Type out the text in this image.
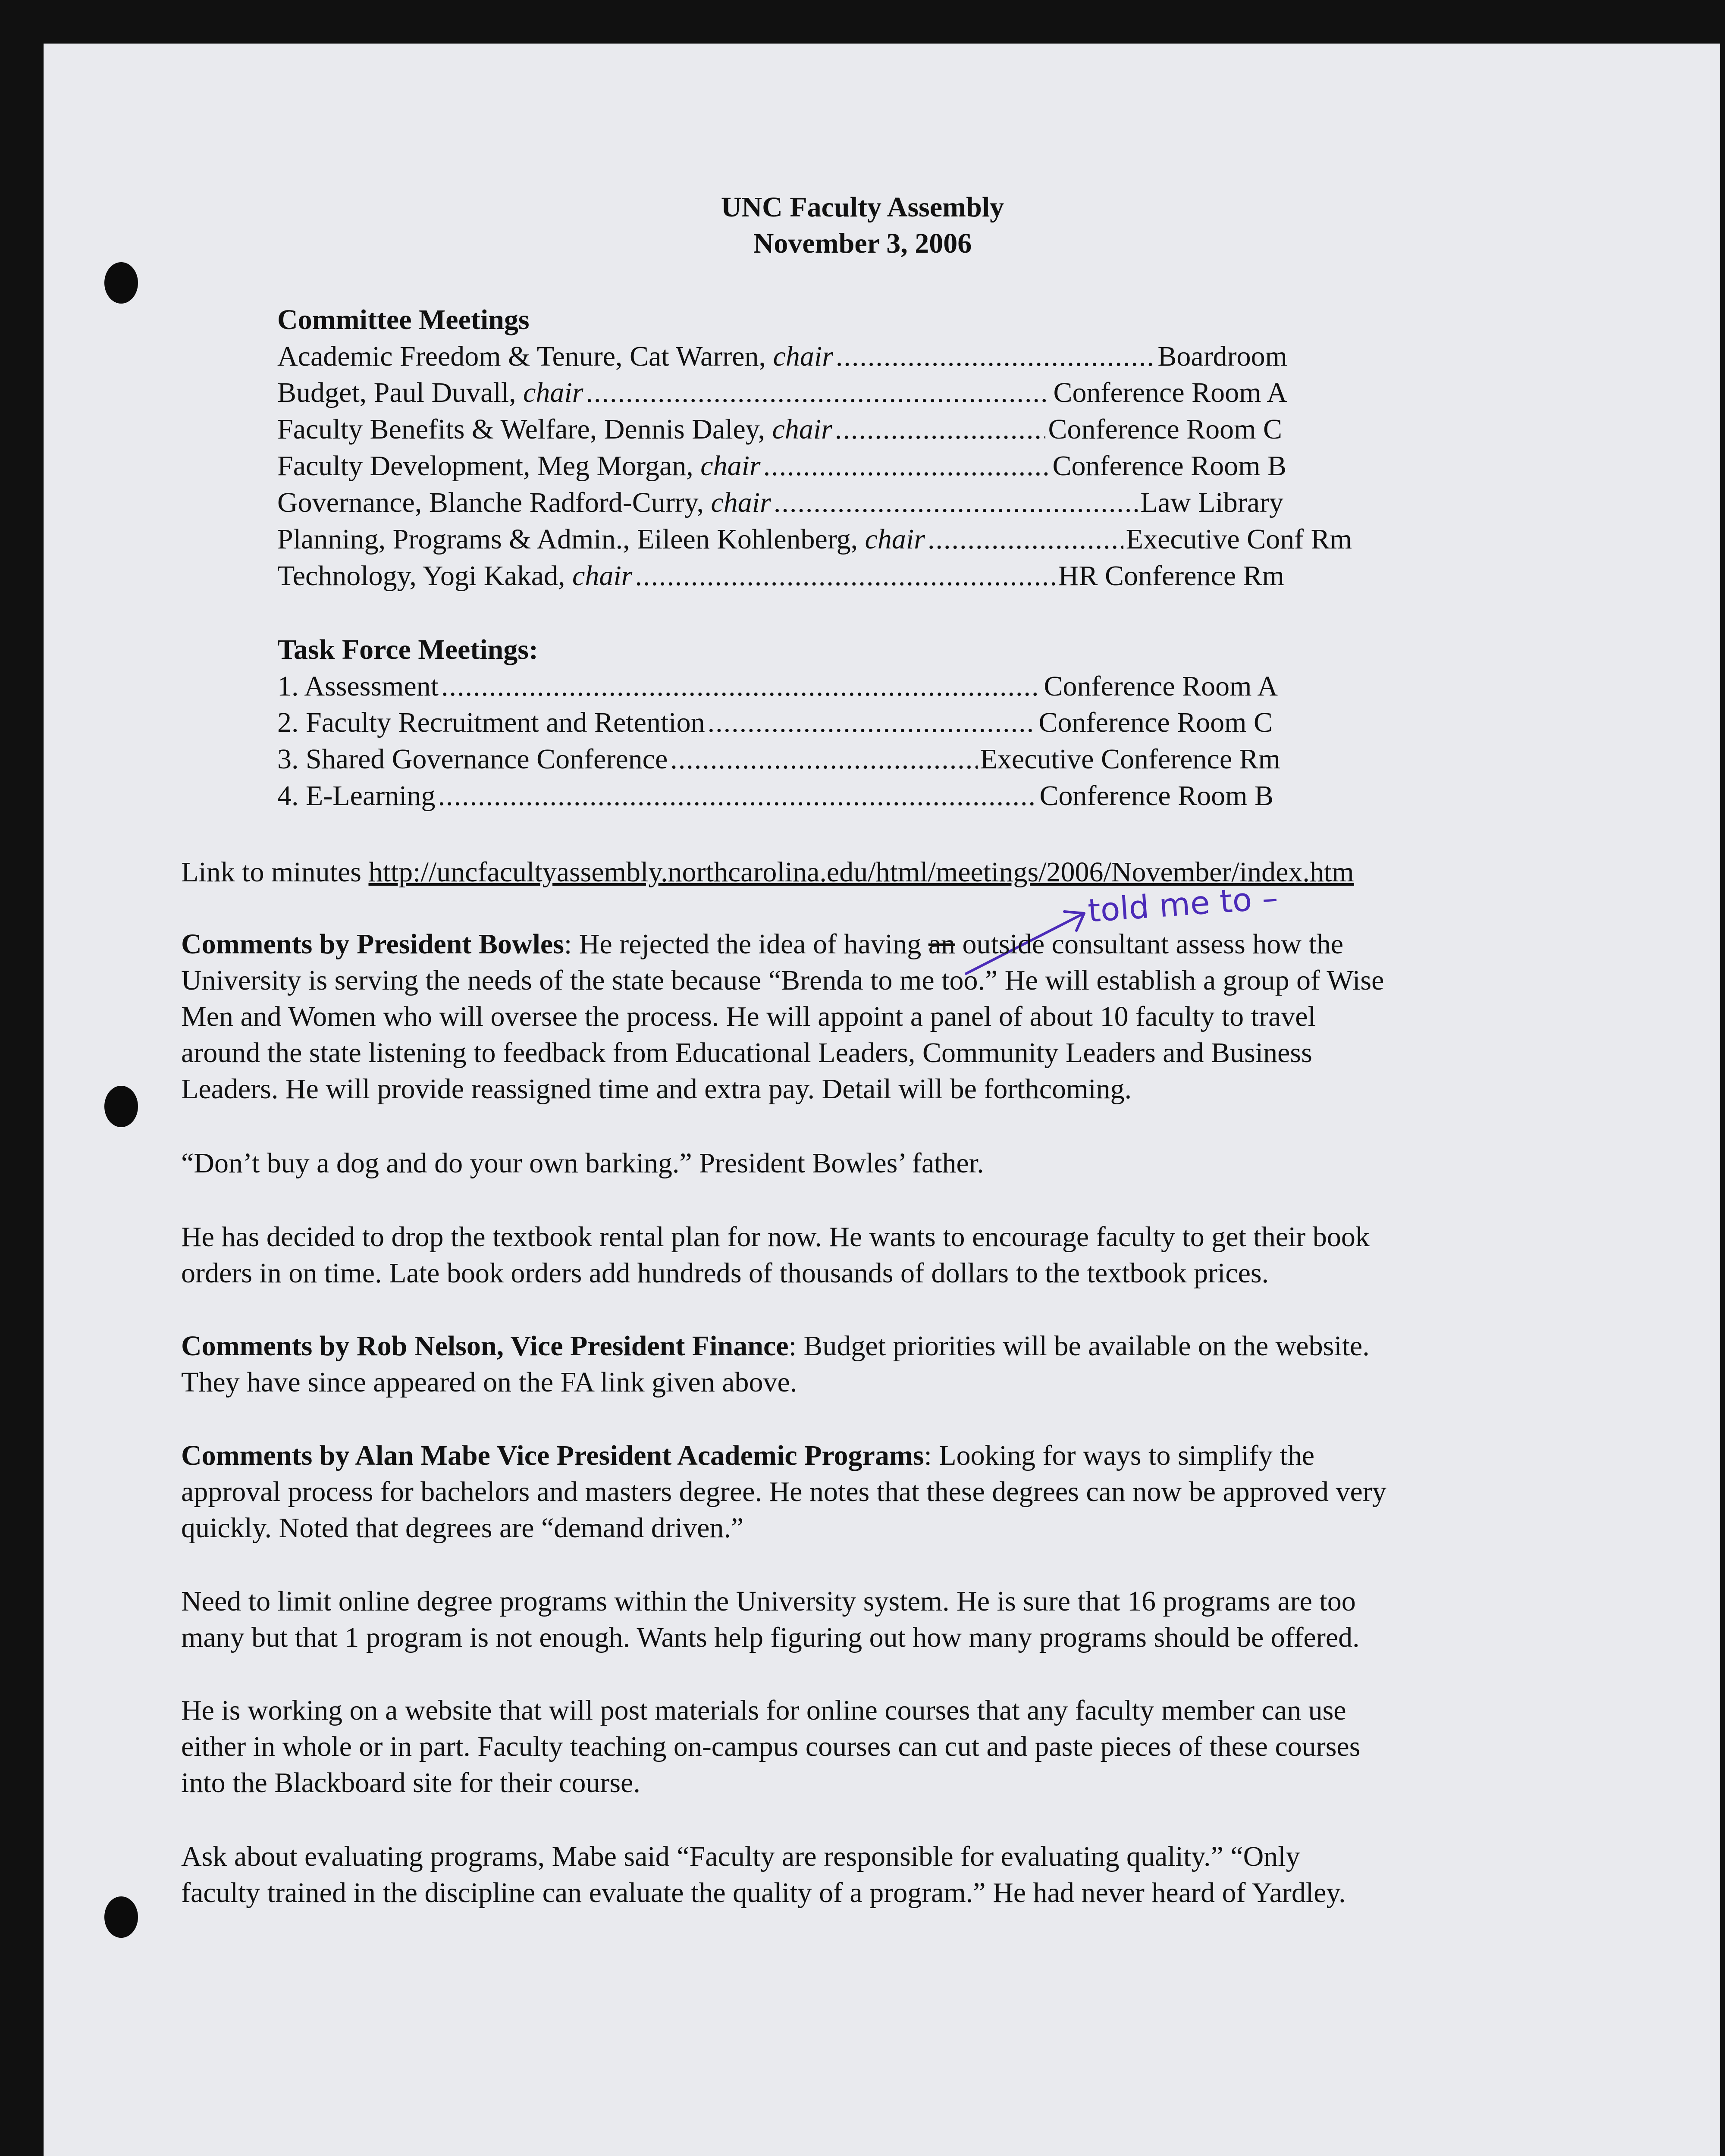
UNC Faculty Assembly
November 3, 2006
Committee Meetings
Academic Freedom & Tenure, Cat Warren, chair .....	Boardroom
Budget, Paul Duvall, chair .....	Conference Room A
Faculty Benefits & Welfare, Dennis Daley, chair .....	Conference Room C
Faculty Development, Meg Morgan, chair .....	Conference Room B
Governance, Blanche Radford-Curry, chair .....	Law Library
Planning, Programs & Admin., Eileen Kohlenberg, chair .....	Executive Conf Rm
Technology, Yogi Kakad, chair .....	HR Conference Rm
Task Force Meetings:
1. Assessment .....	Conference Room A
2. Faculty Recruitment and Retention .....	Conference Room C
3. Shared Governance Conference .....	Executive Conference Rm
4. E-Learning .....	Conference Room B
Link to minutes http://uncfacultyassembly.northcarolina.edu/html/meetings/2006/November/index.htm
told me to –
Comments by President Bowles: He rejected the idea of having an outside consultant assess how the
University is serving the needs of the state because “Brenda to me too.” He will establish a group of Wise
Men and Women who will oversee the process. He will appoint a panel of about 10 faculty to travel
around the state listening to feedback from Educational Leaders, Community Leaders and Business
Leaders. He will provide reassigned time and extra pay. Detail will be forthcoming.
“Don’t buy a dog and do your own barking.” President Bowles’ father.
He has decided to drop the textbook rental plan for now. He wants to encourage faculty to get their book
orders in on time. Late book orders add hundreds of thousands of dollars to the textbook prices.
Comments by Rob Nelson, Vice President Finance: Budget priorities will be available on the website.
They have since appeared on the FA link given above.
Comments by Alan Mabe Vice President Academic Programs: Looking for ways to simplify the
approval process for bachelors and masters degree. He notes that these degrees can now be approved very
quickly. Noted that degrees are “demand driven.”
Need to limit online degree programs within the University system. He is sure that 16 programs are too
many but that 1 program is not enough. Wants help figuring out how many programs should be offered.
He is working on a website that will post materials for online courses that any faculty member can use
either in whole or in part. Faculty teaching on-campus courses can cut and paste pieces of these courses
into the Blackboard site for their course.
Ask about evaluating programs, Mabe said “Faculty are responsible for evaluating quality.” “Only
faculty trained in the discipline can evaluate the quality of a program.” He had never heard of Yardley.
